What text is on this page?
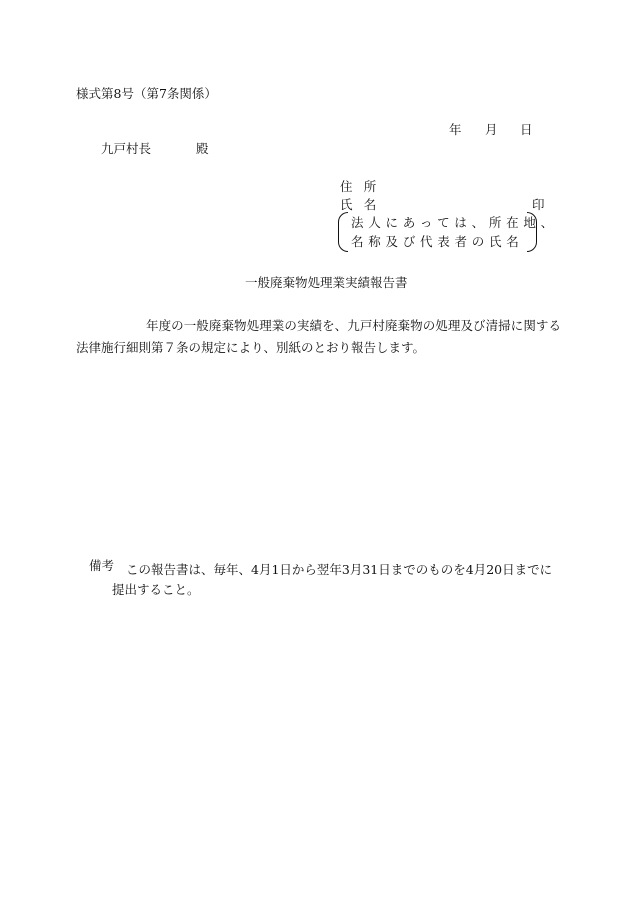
様式第8号（第7条関係）
年 月 日
九戸村長	殿
住所
氏名	印
法人にあっては、所在地、
名称及び代表者の氏名
一般廃棄物処理業実績報告書
年度の一般廃棄物処理業の実績を、九戸村廃棄物の処理及び清掃に関する法律施行細則第７条の規定により、別紙のとおり報告します。
備考 この報告書は、毎年、4月1日から翌年3月31日までのものを4月20日までに提出すること。
